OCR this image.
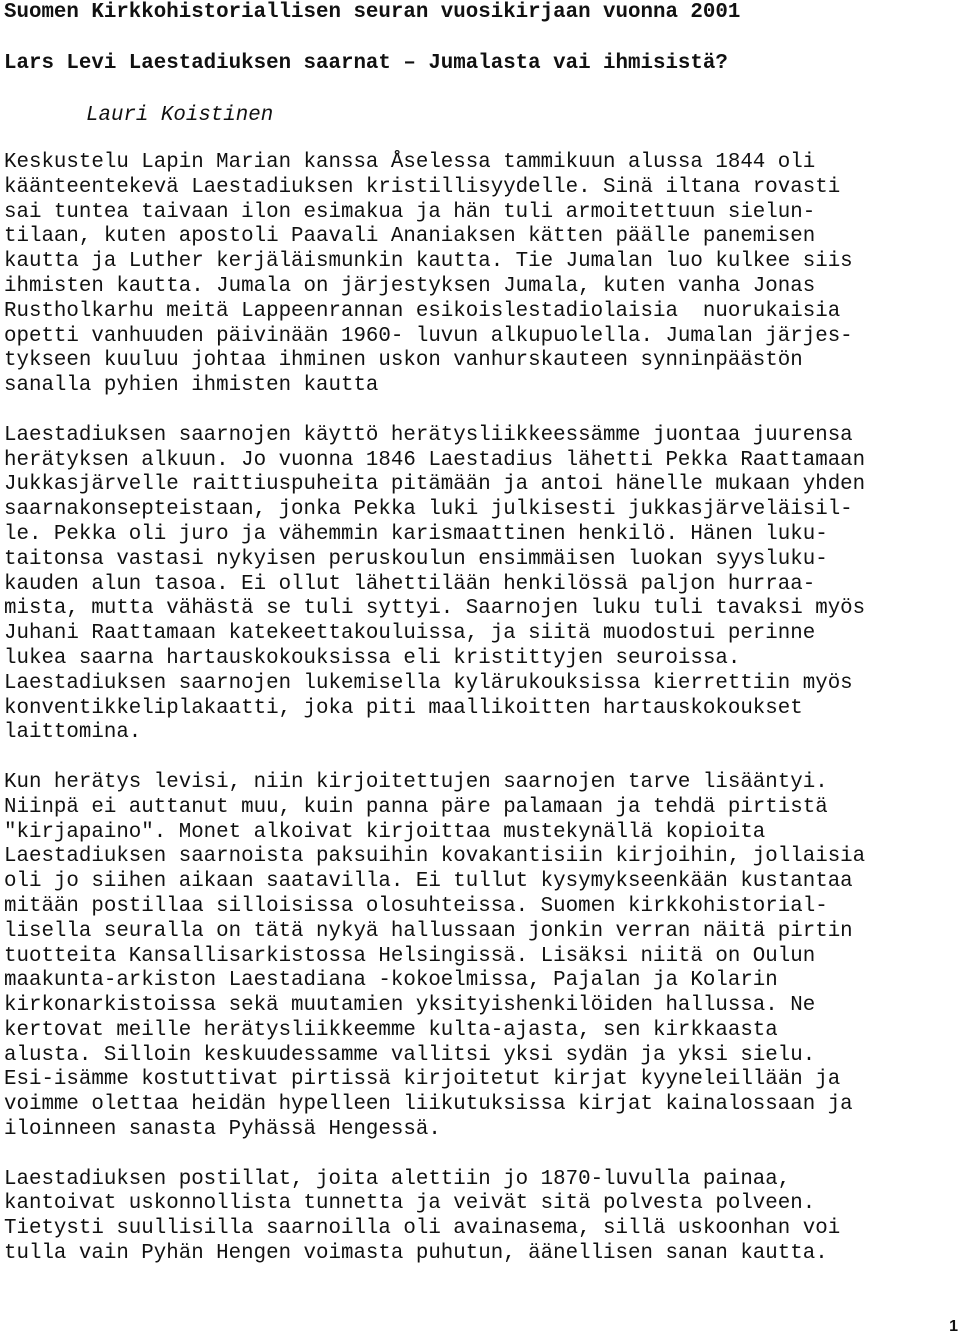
Suomen Kirkkohistoriallisen seuran vuosikirjaan vuonna 2001

Lars Levi Laestadiuksen saarnat – Jumalasta vai ihmisistä?

Lauri Koistinen

Keskustelu Lapin Marian kanssa Åselessa tammikuun alussa 1844 oli
käänteentekevä Laestadiuksen kristillisyydelle. Sinä iltana rovasti
sai tuntea taivaan ilon esimakua ja hän tuli armoitettuun sielun-
tilaan, kuten apostoli Paavali Ananiaksen kätten päälle panemisen
kautta ja Luther kerjäläismunkin kautta. Tie Jumalan luo kulkee siis
ihmisten kautta. Jumala on järjestyksen Jumala, kuten vanha Jonas
Rustholkarhu meitä Lappeenrannan esikoislestadiolaisia  nuorukaisia
opetti vanhuuden päivinään 1960- luvun alkupuolella. Jumalan järjes-
tykseen kuuluu johtaa ihminen uskon vanhurskauteen synninpäästön
sanalla pyhien ihmisten kautta
Laestadiuksen saarnojen käyttö herätysliikkeessämme juontaa juurensa
herätyksen alkuun. Jo vuonna 1846 Laestadius lähetti Pekka Raattamaan
Jukkasjärvelle raittiuspuheita pitämään ja antoi hänelle mukaan yhden
saarnakonsepteistaan, jonka Pekka luki julkisesti jukkasjärveläisil-
le. Pekka oli juro ja vähemmin karismaattinen henkilö. Hänen luku-
taitonsa vastasi nykyisen peruskoulun ensimmäisen luokan syysluku-
kauden alun tasoa. Ei ollut lähettilään henkilössä paljon hurraa-
mista, mutta vähästä se tuli syttyi. Saarnojen luku tuli tavaksi myös
Juhani Raattamaan katekeettakouluissa, ja siitä muodostui perinne
lukea saarna hartauskokouksissa eli kristittyjen seuroissa.
Laestadiuksen saarnojen lukemisella kylärukouksissa kierrettiin myös
konventikkeliplakaatti, joka piti maallikoitten hartauskokoukset
laittomina.
Kun herätys levisi, niin kirjoitettujen saarnojen tarve lisääntyi.
Niinpä ei auttanut muu, kuin panna päre palamaan ja tehdä pirtistä
"kirjapaino". Monet alkoivat kirjoittaa mustekynällä kopioita
Laestadiuksen saarnoista paksuihin kovakantisiin kirjoihin, jollaisia
oli jo siihen aikaan saatavilla. Ei tullut kysymykseenkään kustantaa
mitään postillaa silloisissa olosuhteissa. Suomen kirkkohistorial-
lisella seuralla on tätä nykyä hallussaan jonkin verran näitä pirtin
tuotteita Kansallisarkistossa Helsingissä. Lisäksi niitä on Oulun
maakunta-arkiston Laestadiana -kokoelmissa, Pajalan ja Kolarin
kirkonarkistoissa sekä muutamien yksityishenkilöiden hallussa. Ne
kertovat meille herätysliikkeemme kulta-ajasta, sen kirkkaasta
alusta. Silloin keskuudessamme vallitsi yksi sydän ja yksi sielu.
Esi-isämme kostuttivat pirtissä kirjoitetut kirjat kyyneleillään ja
voimme olettaa heidän hypelleen liikutuksissa kirjat kainalossaan ja
iloinneen sanasta Pyhässä Hengessä.
Laestadiuksen postillat, joita alettiin jo 1870-luvulla painaa,
kantoivat uskonnollista tunnetta ja veivät sitä polvesta polveen.
Tietysti suullisilla saarnoilla oli avainasema, sillä uskoonhan voi
tulla vain Pyhän Hengen voimasta puhutun, äänellisen sanan kautta.
1
